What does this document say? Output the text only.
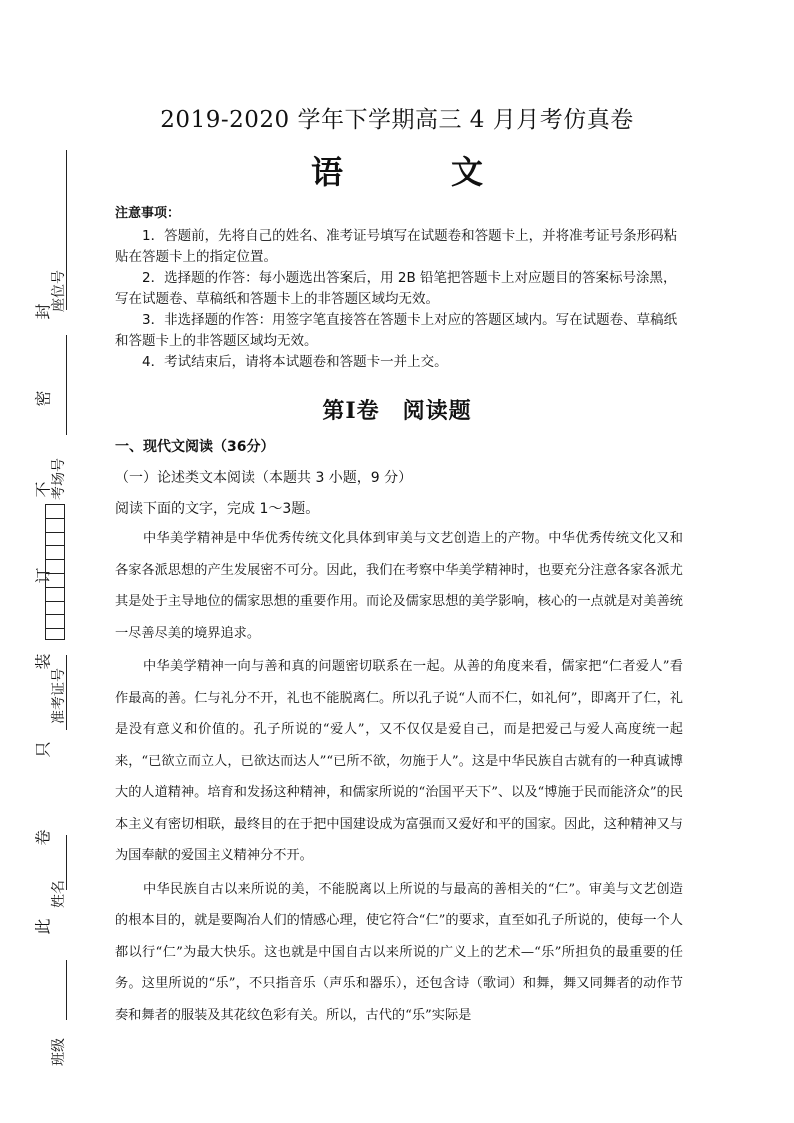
封
密
不
订
装
只
卷
此
座位号
考场号
准考证号
姓名
班级
2019-2020 学年下学期高三 4 月月考仿真卷
语　文
注意事项：

1．答题前，先将自己的姓名、准考证号填写在试题卷和答题卡上，并将准考证号条形码粘贴在答题卡上的指定位置。

2．选择题的作答：每小题选出答案后，用 2B 铅笔把答题卡上对应题目的答案标号涂黑，写在试题卷、草稿纸和答题卡上的非答题区域均无效。

3．非选择题的作答：用签字笔直接答在答题卡上对应的答题区域内。写在试题卷、草稿纸和答题卡上的非答题区域均无效。

4．考试结束后，请将本试题卷和答题卡一并上交。

第Ⅰ卷　阅读题
一、现代文阅读（36分）
（一）论述类文本阅读（本题共 3 小题，9 分）
阅读下面的文字，完成 1～3题。

中华美学精神是中华优秀传统文化具体到审美与文艺创造上的产物。中华优秀传统文化又和各家各派思想的产生发展密不可分。因此，我们在考察中华美学精神时，也要充分注意各家各派尤其是处于主导地位的儒家思想的重要作用。而论及儒家思想的美学影响，核心的一点就是对美善统一尽善尽美的境界追求。

中华美学精神一向与善和真的问题密切联系在一起。从善的角度来看，儒家把“仁者爱人”看作最高的善。仁与礼分不开，礼也不能脱离仁。所以孔子说“人而不仁，如礼何”，即离开了仁，礼是没有意义和价值的。孔子所说的“爱人”，又不仅仅是爱自己，而是把爱己与爱人高度统一起来，“已欲立而立人，已欲达而达人”“已所不欲，勿施于人”。这是中华民族自古就有的一种真诚博大的人道精神。培育和发扬这种精神，和儒家所说的“治国平天下”、以及“博施于民而能济众”的民本主义有密切相联，最终目的在于把中国建设成为富强而又爱好和平的国家。因此，这种精神又与为国奉献的爱国主义精神分不开。

中华民族自古以来所说的美，不能脱离以上所说的与最高的善相关的“仁”。审美与文艺创造的根本目的，就是要陶冶人们的情感心理，使它符合“仁”的要求，直至如孔子所说的，使每一个人都以行“仁”为最大快乐。这也就是中国自古以来所说的广义上的艺术—“乐”所担负的最重要的任务。这里所说的“乐”，不只指音乐（声乐和器乐），还包含诗（歌词）和舞，舞又同舞者的动作节奏和舞者的服装及其花纹色彩有关。所以，古代的“乐”实际是
